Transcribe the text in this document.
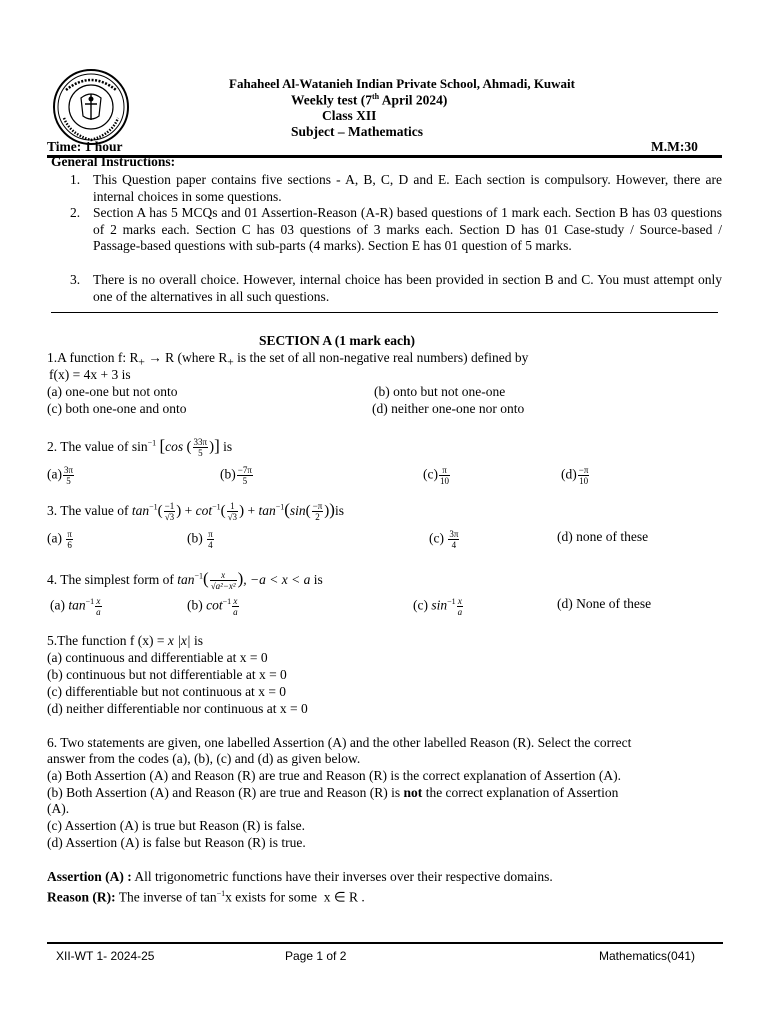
Fahaheel Al-Watanieh Indian Private School, Ahmadi, Kuwait
Weekly test (7th April 2024)
Class XII
Subject – Mathematics
Time: 1 hour	M.M:30
General Instructions:
1. This Question paper contains five sections - A, B, C, D and E. Each section is compulsory. However, there are internal choices in some questions.
2. Section A has 5 MCQs and 01 Assertion-Reason (A-R) based questions of 1 mark each. Section B has 03 questions of 2 marks each. Section C has 03 questions of 3 marks each. Section D has 01 Case-study / Source-based / Passage-based questions with sub-parts (4 marks). Section E has 01 question of 5 marks.
3. There is no overall choice. However, internal choice has been provided in section B and C. You must attempt only one of the alternatives in all such questions.
SECTION A (1 mark each)
1.A function f: $R_+ \to R$ (where $R_+$ is the set of all non-negative real numbers) defined by
f(x) = 4x + 3 is
(a) one-one but not onto	(b) onto but not one-one
(c) both one-one and onto	(d) neither one-one nor onto
2. The value of $\sin^{-1} [\cos$ ( $\frac{33\pi}{5}$ )] is
$(a) \frac{3\pi}{5}$	$(b) \frac{-7\pi}{5}$	$(c) \frac{\pi}{10}$	$(d) \frac{-\pi}{10}$
3. The value of $\tan^{-1}( \frac{-1}{√3}$ ) + $\cot^{-1}( \frac{1}{√3}$ ) + $\tan^{-1}(\sin( \frac{-\pi}{2} ))is$
$(a) \frac{\pi}{6}$	$(b) \frac{\pi}{4}$	$(c) \frac{3\pi}{4}$	(d) none of these
4. The simplest form of $\tan^{-1}( \frac{x}{\text{√a²−x²}}$ ), −a < x < a is
(a) $\tan^{-1} \frac{x}{a}$	(b) $\cot^{-1} \frac{x}{a}$	(c) $\sin^{-1} \frac{x}{a}$	(d) None of these
5.The function f (x) = x |x| is
(a) continuous and differentiable at x = 0
(b) continuous but not differentiable at x = 0
(c) differentiable but not continuous at x = 0
(d) neither differentiable nor continuous at x = 0
6. Two statements are given, one labelled Assertion (A) and the other labelled Reason (R). Select the correct
answer from the codes (a), (b), (c) and (d) as given below.
(a) Both Assertion (A) and Reason (R) are true and Reason (R) is the correct explanation of Assertion (A).
(b) Both Assertion (A) and Reason (R) are true and Reason (R) is not the correct explanation of Assertion
(A).
(c) Assertion (A) is true but Reason (R) is false.
(d) Assertion (A) is false but Reason (R) is true.
Assertion (A) : All trigonometric functions have their inverses over their respective domains.
Reason (R): The inverse of $\tan^{-1}x$ exists for some x ∈ R .
XII-WT 1- 2024-25	Page 1 of 2	Mathematics(041)
